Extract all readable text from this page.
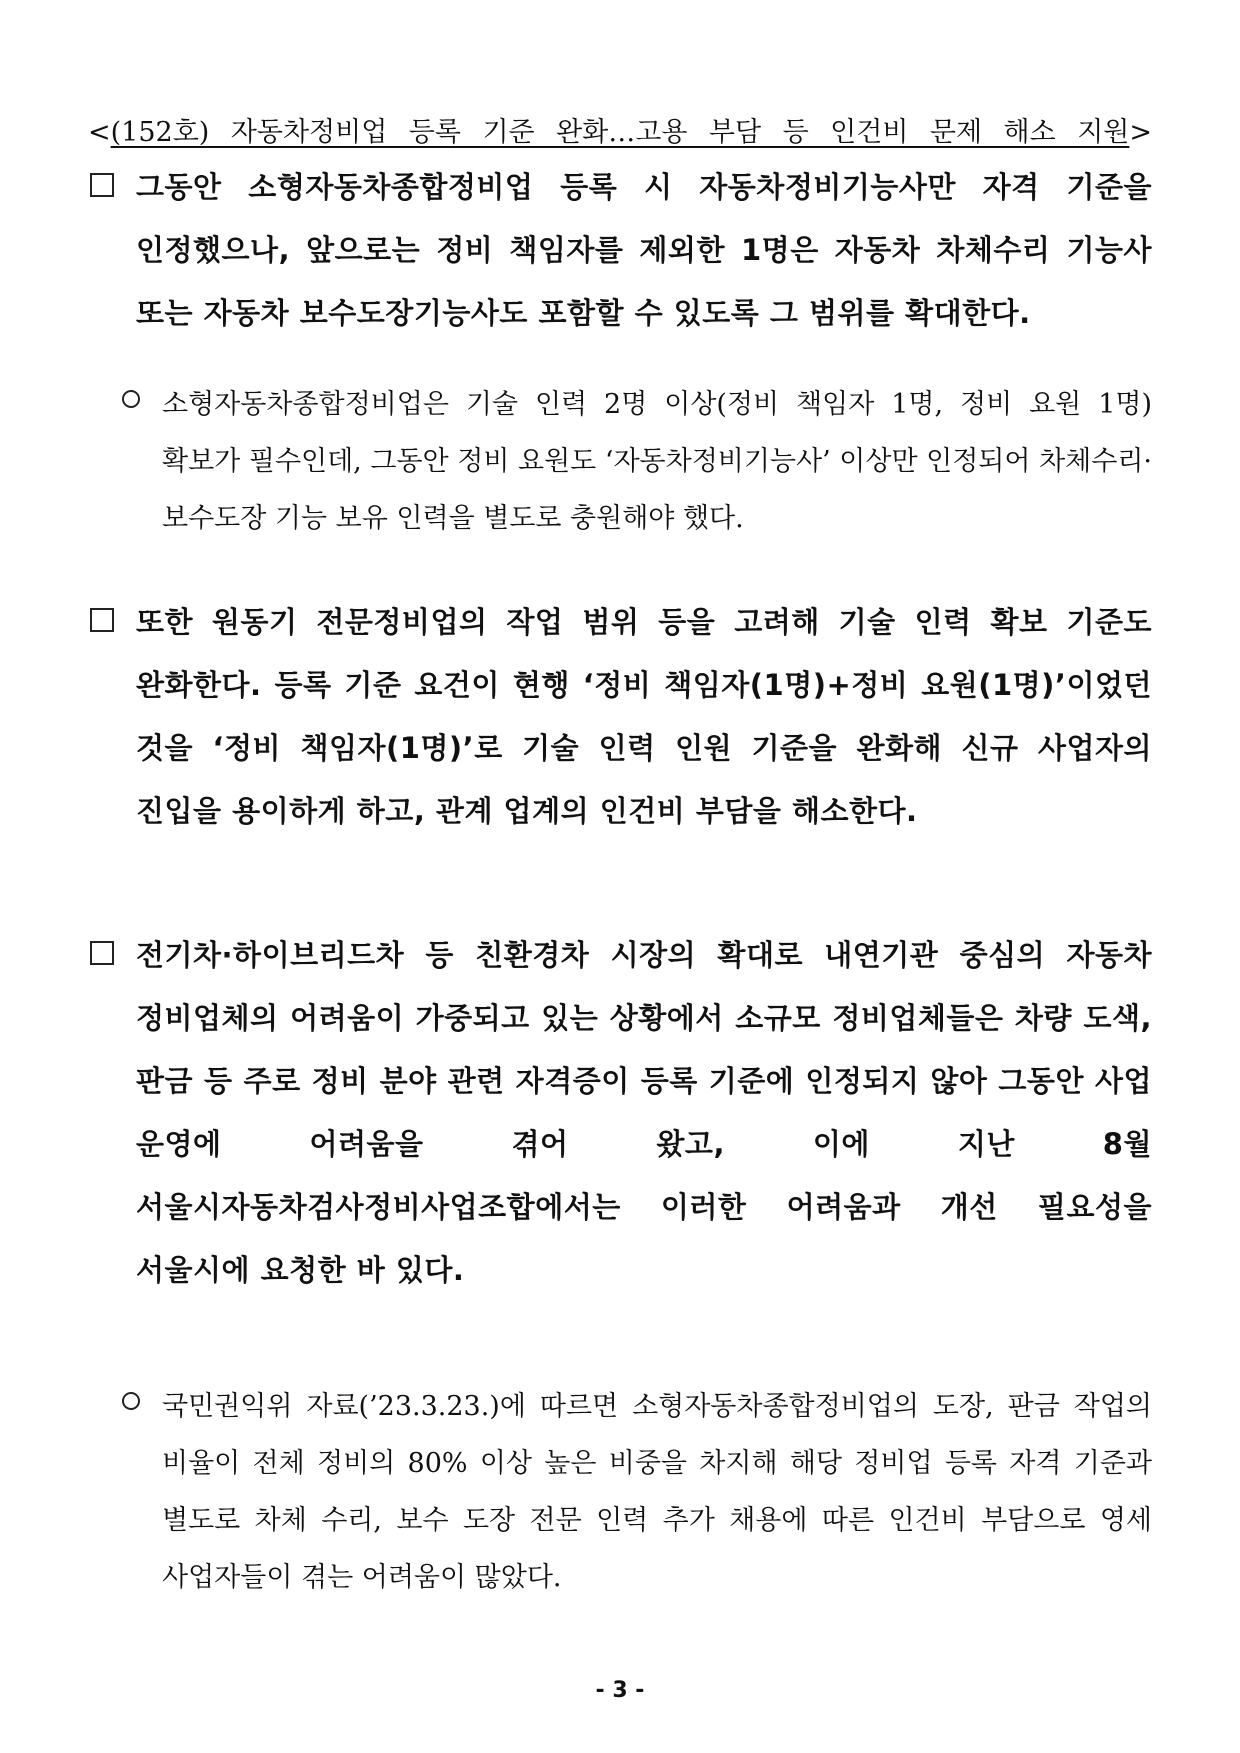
<(152호) 자동차정비업 등록 기준 완화…고용 부담 등 인건비 문제 해소 지원>
그동안 소형자동차종합정비업 등록 시 자동차정비기능사만 자격 기준을 인정했으나, 앞으로는 정비 책임자를 제외한 1명은 자동차 차체수리 기능사 또는 자동차 보수도장기능사도 포함할 수 있도록 그 범위를 확대한다.
소형자동차종합정비업은 기술 인력 2명 이상(정비 책임자 1명, 정비 요원 1명) 확보가 필수인데, 그동안 정비 요원도 ‘자동차정비기능사’ 이상만 인정되어 차체수리·보수도장 기능 보유 인력을 별도로 충원해야 했다.
또한 원동기 전문정비업의 작업 범위 등을 고려해 기술 인력 확보 기준도 완화한다. 등록 기준 요건이 현행 ‘정비 책임자(1명)+정비 요원(1명)’이었던 것을 ‘정비 책임자(1명)’로 기술 인력 인원 기준을 완화해 신규 사업자의 진입을 용이하게 하고, 관계 업계의 인건비 부담을 해소한다.
전기차·하이브리드차 등 친환경차 시장의 확대로 내연기관 중심의 자동차 정비업체의 어려움이 가중되고 있는 상황에서 소규모 정비업체들은 차량 도색, 판금 등 주로 정비 분야 관련 자격증이 등록 기준에 인정되지 않아 그동안 사업 운영에 어려움을 겪어 왔고, 이에 지난 8월 서울시자동차검사정비사업조합에서는 이러한 어려움과 개선 필요성을 서울시에 요청한 바 있다.
국민권익위 자료(’23.3.23.)에 따르면 소형자동차종합정비업의 도장, 판금 작업의 비율이 전체 정비의 80% 이상 높은 비중을 차지해 해당 정비업 등록 자격 기준과 별도로 차체 수리, 보수 도장 전문 인력 추가 채용에 따른 인건비 부담으로 영세 사업자들이 겪는 어려움이 많았다.
- 3 -
